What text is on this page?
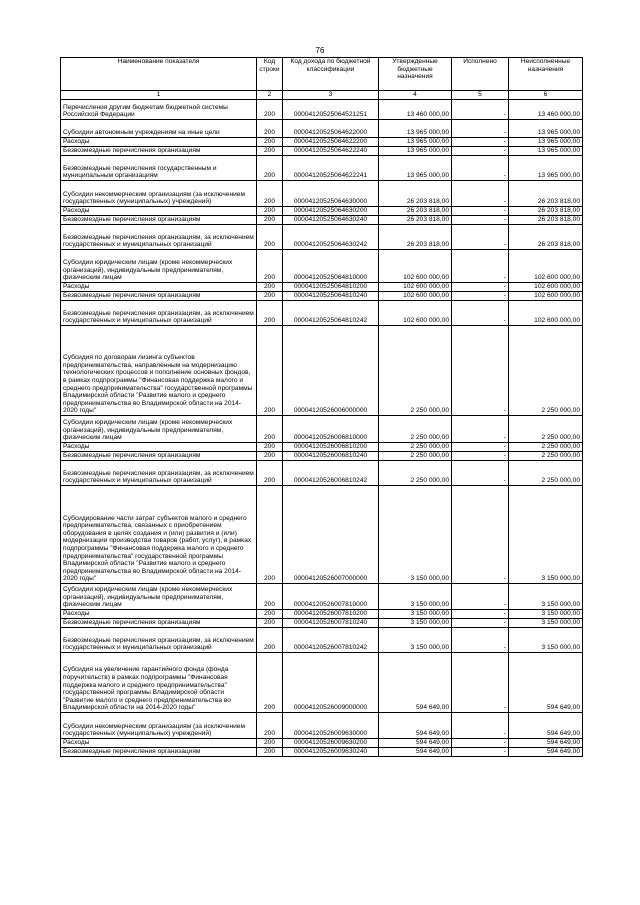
76
Наименование показателя	Код строки	Код дохода по бюджетной классификации	Утвержденные бюджетные назначения	Исполнено	Неисполненные назначения
1	2	3	4	5	6
Перечисления другим бюджетам бюджетной системы Российской Федерации	200	00004120525064521251	13 460 000,00	-	13 460 000,00
Субсидии автономным учреждениям на иные цели	200	00004120525064622000	13 965 000,00	-	13 965 000,00
Расходы	200	00004120525064622200	13 965 000,00	-	13 965 000,00
Безвозмездные перечисления организациям	200	00004120525064622240	13 965 000,00	-	13 965 000,00
Безвозмездные перечисления государственным и муниципальным организациям	200	00004120525064622241	13 965 000,00	-	13 965 000,00
Субсидии некоммерческим организациям (за исключением государственных (муниципальных) учреждений)	200	00004120525064630000	26 203 818,00	-	26 203 818,00
Расходы	200	00004120525064630200	26 203 818,00	-	26 203 818,00
Безвозмездные перечисления организациям	200	00004120525064630240	26 203 818,00	-	26 203 818,00
Безвозмездные перечисления организациям, за исключением государственных и муниципальных организаций	200	00004120525064630242	26 203 818,00	-	26 203 818,00
Субсидии юридическим лицам (кроме некоммерческих организаций), индивидуальным предпринимателям, физическим лицам	200	00004120525064810000	102 600 000,00	-	102 600 000,00
Расходы	200	00004120525064810200	102 600 000,00	-	102 600 000,00
Безвозмездные перечисления организациям	200	00004120525064810240	102 600 000,00	-	102 600 000,00
Безвозмездные перечисления организациям, за исключением государственных и муниципальных организаций	200	00004120525064810242	102 600 000,00	-	102 600 000,00
Субсидия по договорам лизинга субъектов предпринимательства, направленным на модернизацию технологических процессов и пополнение основных фондов, в рамках подпрограммы "Финансовая поддержка малого и среднего предпринимательства" государственной программы Владимирской области "Развитие малого и среднего предпринимательства во Владимирской области на 2014-2020 годы"	200	00004120526006000000	2 250 000,00	-	2 250 000,00
Субсидии юридическим лицам (кроме некоммерческих организаций), индивидуальным предпринимателям, физическим лицам	200	00004120526006810000	2 250 000,00	-	2 250 000,00
Расходы	200	00004120526006810200	2 250 000,00	-	2 250 000,00
Безвозмездные перечисления организациям	200	00004120526006810240	2 250 000,00	-	2 250 000,00
Безвозмездные перечисления организациям, за исключением государственных и муниципальных организаций	200	00004120526006810242	2 250 000,00	-	2 250 000,00
Субсидирование части затрат субъектов малого и среднего предпринимательства, связанных с приобретением оборудования в целях создания и (или) развития и (или) модернизации производства товаров (работ, услуг), в рамках подпрограммы "Финансовая поддержка малого и среднего предпринимательства" государственной программы Владимирской области "Развитие малого и среднего предпринимательства во Владимирской области на 2014-2020 годы"	200	00004120526007000000	3 150 000,00	-	3 150 000,00
Субсидии юридическим лицам (кроме некоммерческих организаций), индивидуальным предпринимателям, физическим лицам	200	00004120526007810000	3 150 000,00	-	3 150 000,00
Расходы	200	00004120526007810200	3 150 000,00	-	3 150 000,00
Безвозмездные перечисления организациям	200	00004120526007810240	3 150 000,00	-	3 150 000,00
Безвозмездные перечисления организациям, за исключением государственных и муниципальных организаций	200	00004120526007810242	3 150 000,00	-	3 150 000,00
Субсидия на увеличение гарантийного фонда (фонда поручительств) в рамках подпрограммы "Финансовая поддержка малого и среднего предпринимательства" государственной программы Владимирской области "Развитие малого и среднего предпринимательства во Владимирской области на 2014-2020 годы"	200	00004120526009000000	594 649,00	-	594 649,00
Субсидии некоммерческим организациям (за исключением государственных (муниципальных) учреждений)	200	00004120526009630000	594 649,00	-	594 649,00
Расходы	200	00004120526009630200	594 649,00	-	594 649,00
Безвозмездные перечисления организациям	200	00004120526009630240	594 649,00	-	594 649,00
